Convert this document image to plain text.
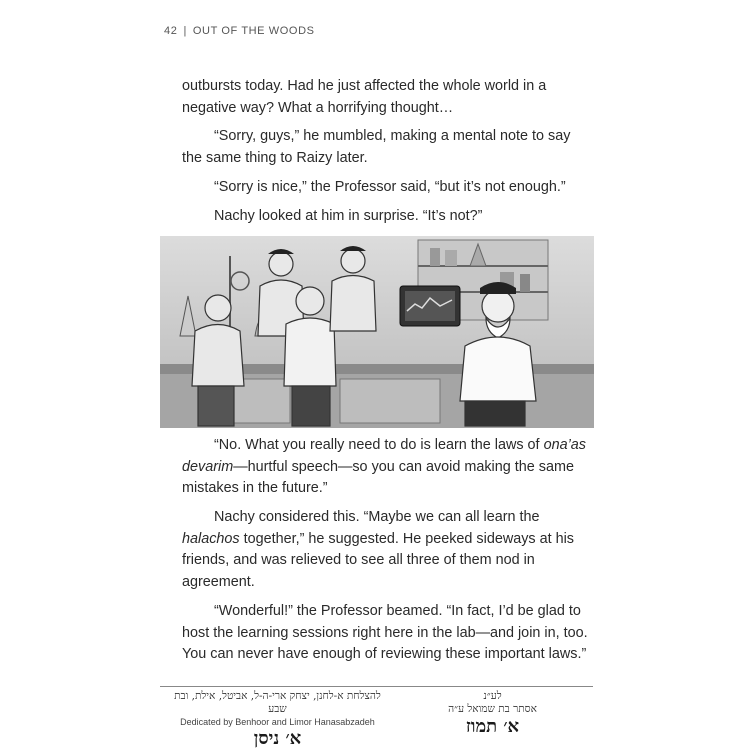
42 | OUT OF THE WOODS

outbursts today. Had he just affected the whole world in a negative way? What a horrifying thought…

“Sorry, guys,” he mumbled, making a mental note to say the same thing to Raizy later.

“Sorry is nice,” the Professor said, “but it’s not enough.”

Nachy looked at him in surprise. “It’s not?”

“No. What you really need to do is learn the laws of ona’as devarim—hurtful speech—so you can avoid making the same mistakes in the future.”

Nachy considered this. “Maybe we can all learn the halachos together,” he suggested. He peeked sideways at his friends, and was relieved to see all three of them nod in agreement.

“Wonderful!” the Professor beamed. “In fact, I’d be glad to host the learning sessions right here in the lab—and join in, too. You can never have enough of reviewing these important laws.”

להצלחת א-לחנן, יצחק ארי-ה-ל, אביטל, אילת, ובת שבע
Dedicated by Benhoor and Limor Hanasabzadeh
א׳ ניסן
לע״נ
אסתר בת שמואל ע״ה
א׳ תמוז
